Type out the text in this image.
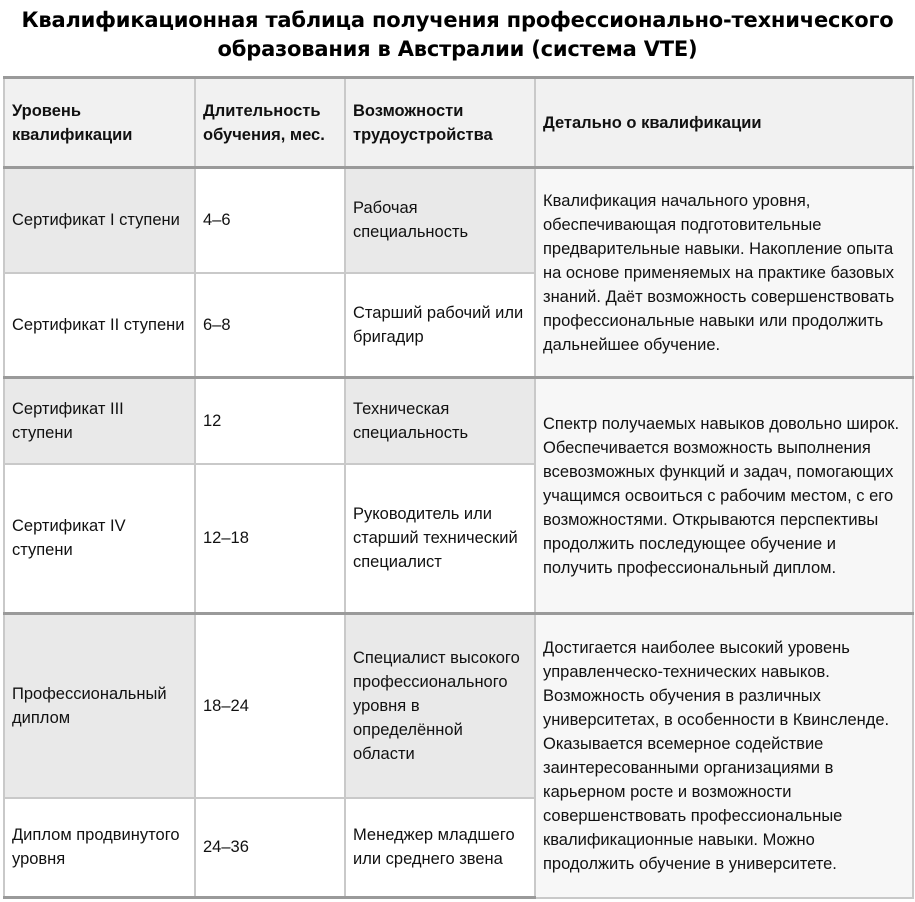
Квалификационная таблица получения профессионально-технического
образования в Австралии (система VTE)
Уровень квалификации	Длительность обучения, мес.	Возможности трудоустройства	Детально о квалификации
Сертификат I ступени	4–6	Рабочая специальность	Квалификация начального уровня, обеспечивающая подготовительные предварительные навыки. Накопление опыта на основе применяемых на практике базовых знаний. Даёт возможность совершенствовать профессиональные навыки или продолжить дальнейшее обучение.
Сертификат II ступени	6–8	Старший рабочий или бригадир	
Сертификат III ступени	12	Техническая специальность	Спектр получаемых навыков довольно широк. Обеспечивается возможность выполнения всевозможных функций и задач, помогающих учащимся освоиться с рабочим местом, с его возможностями. Открываются перспективы продолжить последующее обучение и получить профессиональный диплом.
Сертификат IV ступени	12–18	Руководитель или старший технический специалист	
Профессиональный диплом	18–24	Специалист высокого профессионального уровня в определённой области	Достигается наиболее высокий уровень управленческо-технических навыков. Возможность обучения в различных университетах, в особенности в Квинсленде. Оказывается всемерное содействие заинтересованными организациями в карьерном росте и возможности совершенствовать профессиональные квалификационные навыки. Можно продолжить обучение в университете.
Диплом продвинутого уровня	24–36	Менеджер младшего или среднего звена	
